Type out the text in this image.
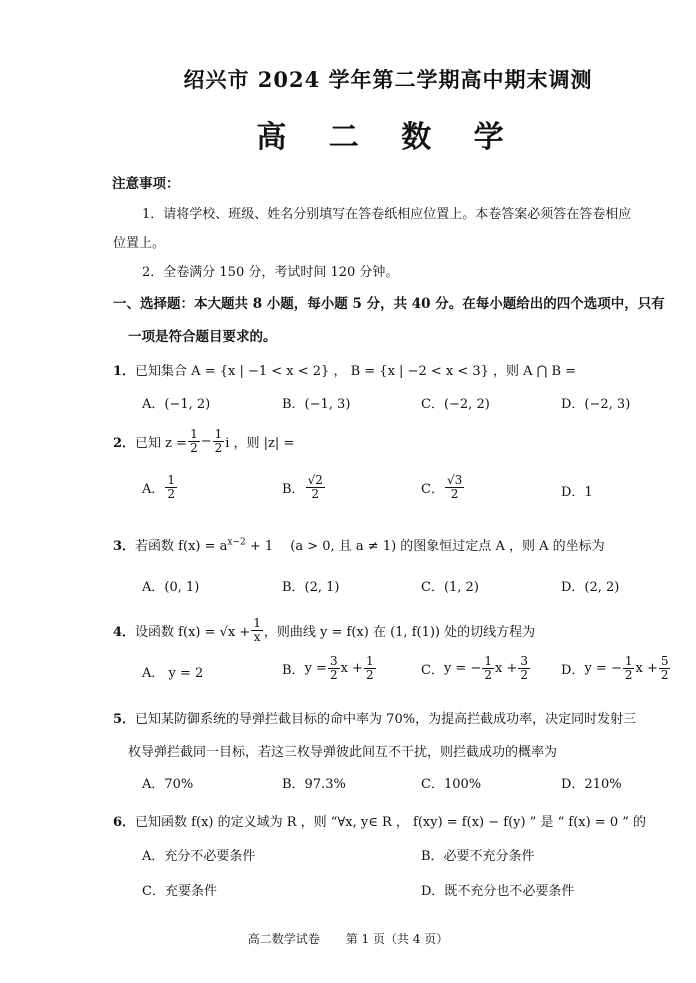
绍兴市 2024 学年第二学期高中期末调测
高 二 数 学
注意事项：
1．请将学校、班级、姓名分别填写在答卷纸相应位置上。本卷答案必须答在答卷相应
位置上。
2．全卷满分 150 分，考试时间 120 分钟。
一、选择题：本大题共 8 小题，每小题 5 分，共 40 分。在每小题给出的四个选项中，只有
一项是符合题目要求的。
1．已知集合 A = {x | −1 < x < 2} ， B = {x | −2 < x < 3} ，则 A ⋂ B =
A．(−1, 2)	B．(−1, 3)	C．(−2, 2)	D．(−2, 3)
2． 已知 $z = \frac{1}{2} - \frac{1}{2}$ i ，则 |z| =
A． $\frac{1}{2}$	B． $\frac{√2}{2}$	C． $\frac{√3}{2}$	D．1
3．若函数 $f(x) = a^{x-2} + 1$ 　(a > 0, 且 a ≠ 1) 的图象恒过定点 A ，则 A 的坐标为
A．(0, 1)	B．(2, 1)	C．(1, 2)	D．(2, 2)
4． 设函数 $f(x) = √x + \frac{1}{x}$ ，则曲线 y = f(x) 在 (1, f(1)) 处的切线方程为
A． y = 2	B． $y = \frac{3}{2}$ $x + \frac{1}{2}$	C． y = − $\frac{1}{2}$ $x + \frac{3}{2}$ D． y = − $\frac{1}{2}$ $x + \frac{5}{2}$
5．已知某防御系统的导弹拦截目标的命中率为 70%，为提高拦截成功率，决定同时发射三
枚导弹拦截同一目标，若这三枚导弹彼此间互不干扰，则拦截成功的概率为
A．70%	B．97.3%	C．100%	D．210%
6．已知函数 f(x) 的定义域为 R ，则 “∀x, y∈ R ， f(xy) = f(x) − f(y) ” 是 “ f(x) = 0 ” 的
A．充分不必要条件	B．必要不充分条件
C．充要条件	D．既不充分也不必要条件
高二数学试卷 第 1 页（共 4 页）
